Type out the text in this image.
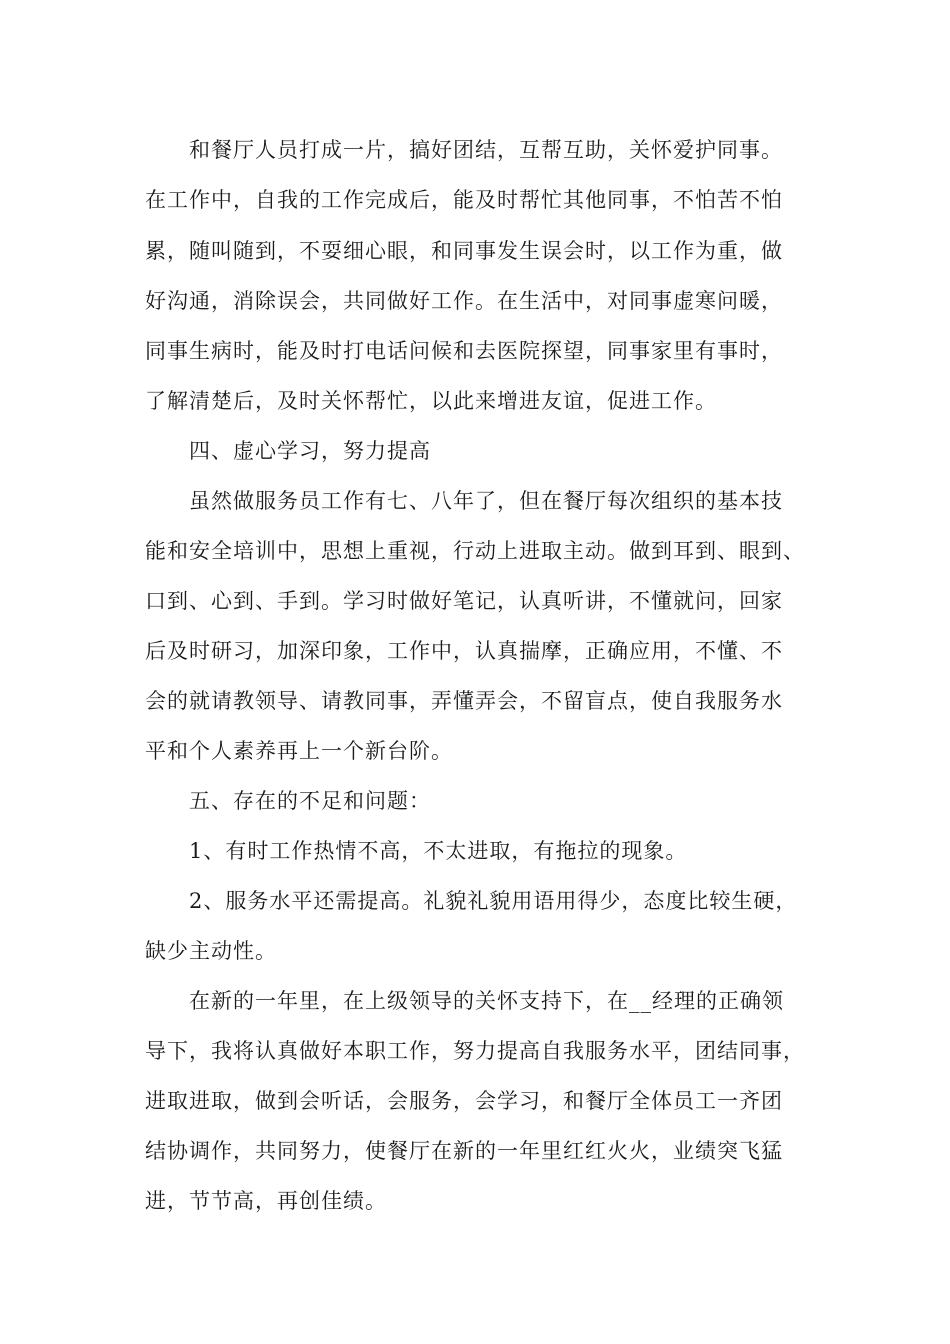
和餐厅人员打成一片，搞好团结，互帮互助，关怀爱护同事。
在工作中，自我的工作完成后，能及时帮忙其他同事，不怕苦不怕
累，随叫随到，不耍细心眼，和同事发生误会时，以工作为重，做
好沟通，消除误会，共同做好工作。在生活中，对同事虚寒问暖，
同事生病时，能及时打电话问候和去医院探望，同事家里有事时，
了解清楚后，及时关怀帮忙，以此来增进友谊，促进工作。
四、虚心学习，努力提高
虽然做服务员工作有七、八年了，但在餐厅每次组织的基本技
能和安全培训中，思想上重视，行动上进取主动。做到耳到、眼到、
口到、心到、手到。学习时做好笔记，认真听讲，不懂就问，回家
后及时研习，加深印象，工作中，认真揣摩，正确应用，不懂、不
会的就请教领导、请教同事，弄懂弄会，不留盲点，使自我服务水
平和个人素养再上一个新台阶。
五、存在的不足和问题：
1、有时工作热情不高，不太进取，有拖拉的现象。
2、服务水平还需提高。礼貌礼貌用语用得少，态度比较生硬，
缺少主动性。
在新的一年里，在上级领导的关怀支持下，在__经理的正确领
导下，我将认真做好本职工作，努力提高自我服务水平，团结同事，
进取进取，做到会听话，会服务，会学习，和餐厅全体员工一齐团
结协调作，共同努力，使餐厅在新的一年里红红火火，业绩突飞猛
进，节节高，再创佳绩。
